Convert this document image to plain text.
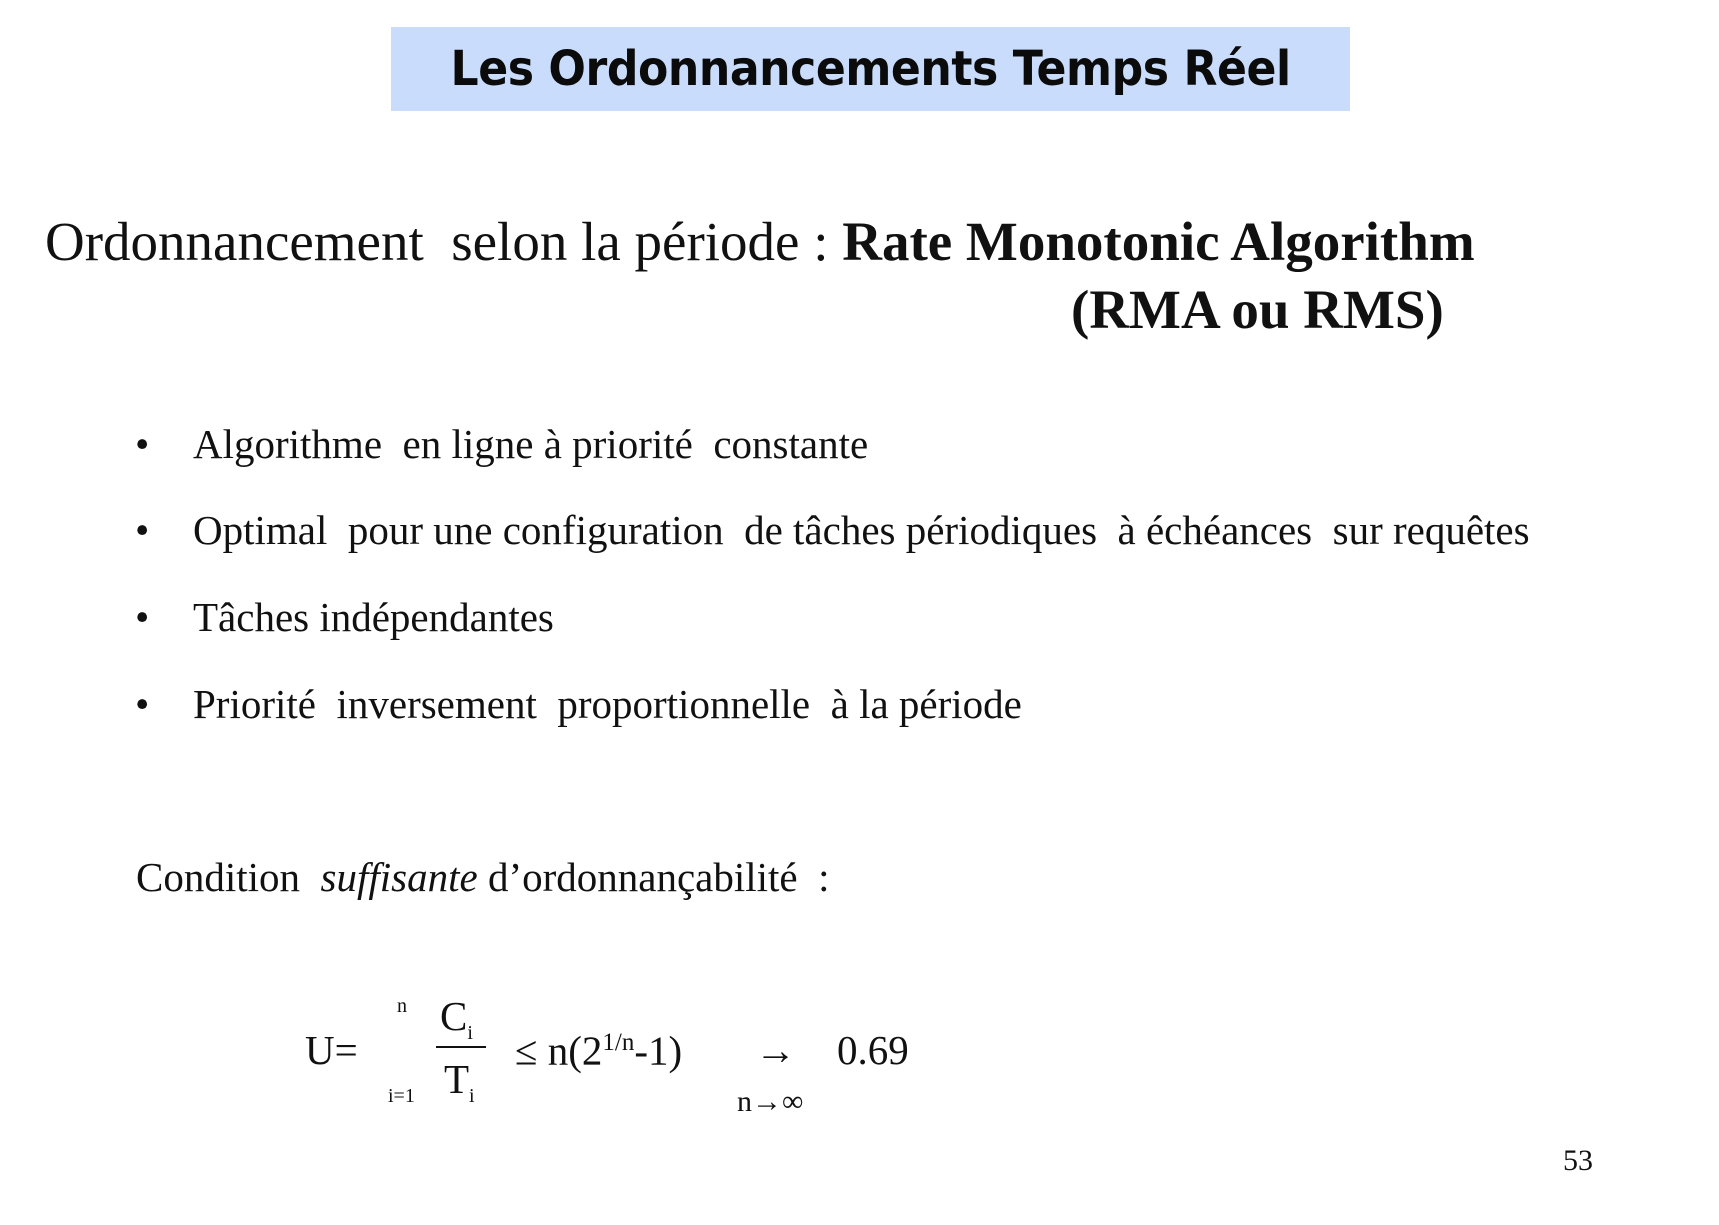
Les Ordonnancements Temps Réel
Ordonnancement  selon la période : Rate Monotonic Algorithm
(RMA ou RMS)
• Algorithme  en ligne à priorité  constante
• Optimal  pour une configuration  de tâches périodiques  à échéances  sur requêtes
• Tâches indépendantes
• Priorité  inversement  proportionnelle  à la période
Condition  suffisante d’ordonnançabilité  :
U=
n
i=1
$C_i$
$T_i$
≤ $n(2^{1/n}-1) \to 0.69$
n→∞
53
